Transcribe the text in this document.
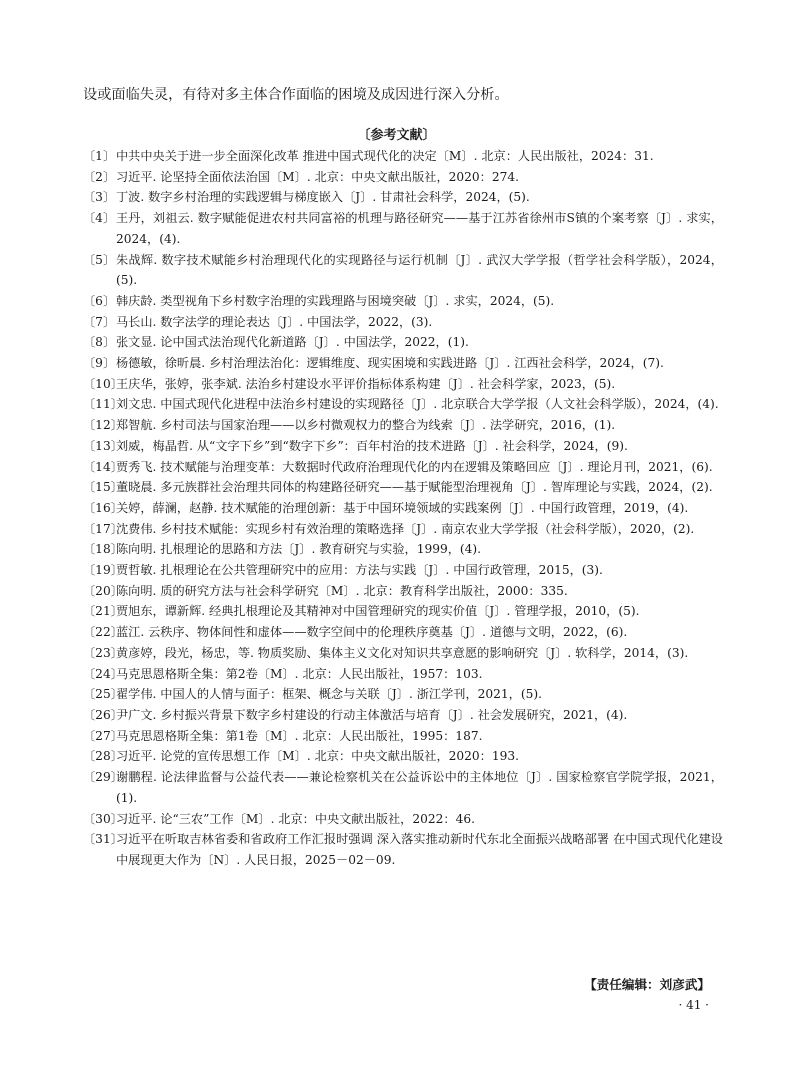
设或面临失灵，有待对多主体合作面临的困境及成因进行深入分析。
〔参考文献〕
〔1〕 中共中央关于进一步全面深化改革 推进中国式现代化的决定〔M〕. 北京：人民出版社，2024：31.
〔2〕 习近平. 论坚持全面依法治国〔M〕. 北京：中央文献出版社，2020：274.
〔3〕 丁波. 数字乡村治理的实践逻辑与梯度嵌入〔J〕. 甘肃社会科学，2024，(5).
〔4〕 王丹，刘祖云. 数字赋能促进农村共同富裕的机理与路径研究——基于江苏省徐州市S镇的个案考察〔J〕. 求实，2024，(4).
〔5〕 朱战辉. 数字技术赋能乡村治理现代化的实现路径与运行机制〔J〕. 武汉大学学报（哲学社会科学版），2024，(5).
〔6〕 韩庆龄. 类型视角下乡村数字治理的实践理路与困境突破〔J〕. 求实，2024，(5).
〔7〕 马长山. 数字法学的理论表达〔J〕. 中国法学，2022，(3).
〔8〕 张文显. 论中国式法治现代化新道路〔J〕. 中国法学，2022，(1).
〔9〕 杨德敏，徐昕晨. 乡村治理法治化：逻辑维度、现实困境和实践进路〔J〕. 江西社会科学，2024，(7).
〔10〕
王庆华，张婷，张李斌. 法治乡村建设水平评价指标体系构建〔J〕. 社会科学家，2023，(5).
〔11〕
刘文忠. 中国式现代化进程中法治乡村建设的实现路径〔J〕. 北京联合大学学报（人文社会科学版），2024，(4).
〔12〕
郑智航. 乡村司法与国家治理——以乡村微观权力的整合为线索〔J〕. 法学研究，2016，(1).
〔13〕
刘威，梅晶哲. 从“文字下乡”到“数字下乡”：百年村治的技术进路〔J〕. 社会科学，2024，(9).
〔14〕
贾秀飞. 技术赋能与治理变革：大数据时代政府治理现代化的内在逻辑及策略回应〔J〕. 理论月刊，2021，(6).
〔15〕
董晓晨. 多元族群社会治理共同体的构建路径研究——基于赋能型治理视角〔J〕. 智库理论与实践，2024，(2).
〔16〕
关婷，薛澜，赵静. 技术赋能的治理创新：基于中国环境领域的实践案例〔J〕. 中国行政管理，2019，(4).
〔17〕
沈费伟. 乡村技术赋能：实现乡村有效治理的策略选择〔J〕. 南京农业大学学报（社会科学版），2020，(2).
〔18〕
陈向明. 扎根理论的思路和方法〔J〕. 教育研究与实验，1999，(4).
〔19〕
贾哲敏. 扎根理论在公共管理研究中的应用：方法与实践〔J〕. 中国行政管理，2015，(3).
〔20〕
陈向明. 质的研究方法与社会科学研究〔M〕. 北京：教育科学出版社，2000：335.
〔21〕
贾旭东，谭新辉. 经典扎根理论及其精神对中国管理研究的现实价值〔J〕. 管理学报，2010，(5).
〔22〕
蓝江. 云秩序、物体间性和虚体——数字空间中的伦理秩序奠基〔J〕. 道德与文明，2022，(6).
〔23〕
黄彦婷，段光，杨忠，等. 物质奖励、集体主义文化对知识共享意愿的影响研究〔J〕. 软科学，2014，(3).
〔24〕
马克思恩格斯全集：第2卷〔M〕. 北京：人民出版社，1957：103.
〔25〕
翟学伟. 中国人的人情与面子：框架、概念与关联〔J〕. 浙江学刊，2021，(5).
〔26〕
尹广文. 乡村振兴背景下数字乡村建设的行动主体激活与培育〔J〕. 社会发展研究，2021，(4).
〔27〕
马克思恩格斯全集：第1卷〔M〕. 北京：人民出版社，1995：187.
〔28〕
习近平. 论党的宣传思想工作〔M〕. 北京：中央文献出版社，2020：193.
〔29〕
谢鹏程. 论法律监督与公益代表——兼论检察机关在公益诉讼中的主体地位〔J〕. 国家检察官学院学报，2021，(1).
〔30〕
习近平. 论“三农”工作〔M〕. 北京：中央文献出版社，2022：46.
〔31〕
习近平在听取吉林省委和省政府工作汇报时强调 深入落实推动新时代东北全面振兴战略部署 在中国式现代化建设中展现更大作为〔N〕. 人民日报，2025－02－09.
【责任编辑：刘彦武】
· 41 ·
